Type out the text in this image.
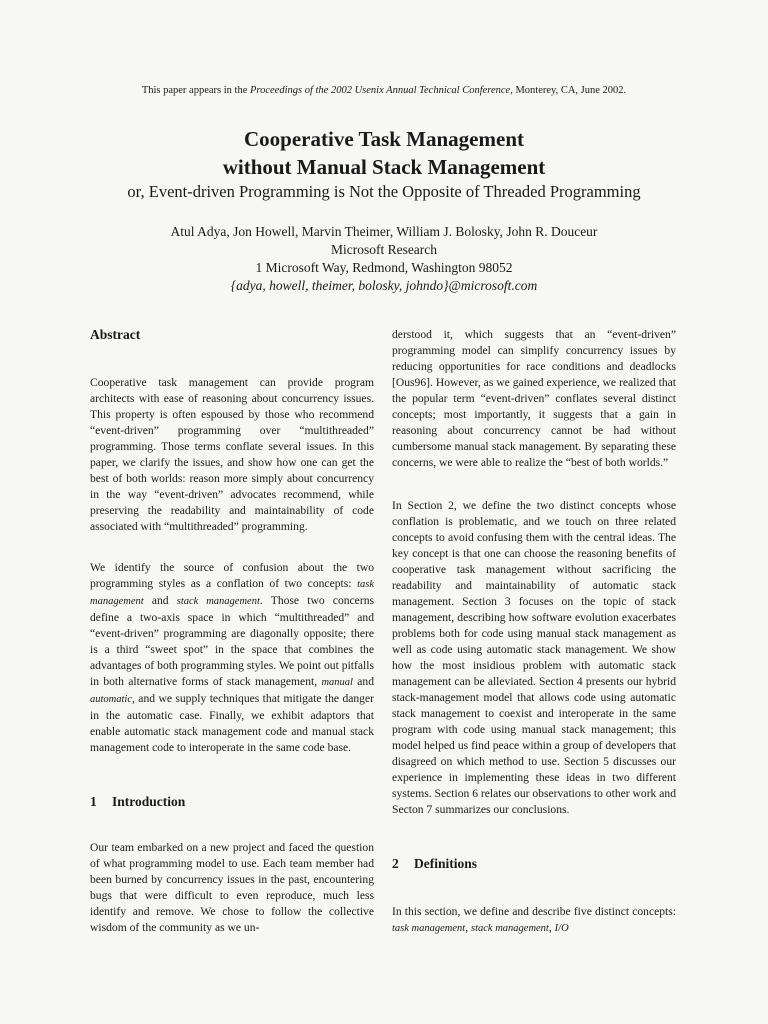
This paper appears in the Proceedings of the 2002 Usenix Annual Technical Conference, Monterey, CA, June 2002.
Cooperative Task Management
without Manual Stack Management
or, Event-driven Programming is Not the Opposite of Threaded Programming
Atul Adya, Jon Howell, Marvin Theimer, William J. Bolosky, John R. Douceur
Microsoft Research
1 Microsoft Way, Redmond, Washington 98052
{adya, howell, theimer, bolosky, johndo}@microsoft.com
Abstract

Cooperative task management can provide program architects with ease of reasoning about concurrency issues. This property is often espoused by those who recommend “event-driven” programming over “multithreaded” programming. Those terms conflate several issues. In this paper, we clarify the issues, and show how one can get the best of both worlds: reason more simply about concurrency in the way “event-driven” advocates recommend, while preserving the readability and maintainability of code associated with “multithreaded” programming.

We identify the source of confusion about the two programming styles as a conflation of two concepts: task management and stack management. Those two concerns define a two-axis space in which “multithreaded” and “event-driven” programming are diagonally opposite; there is a third “sweet spot” in the space that combines the advantages of both programming styles. We point out pitfalls in both alternative forms of stack management, manual and automatic, and we supply techniques that mitigate the danger in the automatic case. Finally, we exhibit adaptors that enable automatic stack management code and manual stack management code to interoperate in the same code base.

1 Introduction

Our team embarked on a new project and faced the question of what programming model to use. Each team member had been burned by concurrency issues in the past, encountering bugs that were difficult to even reproduce, much less identify and remove. We chose to follow the collective wisdom of the community as we un-

derstood it, which suggests that an “event-driven” programming model can simplify concurrency issues by reducing opportunities for race conditions and deadlocks [Ous96]. However, as we gained experience, we realized that the popular term “event-driven” conflates several distinct concepts; most importantly, it suggests that a gain in reasoning about concurrency cannot be had without cumbersome manual stack management. By separating these concerns, we were able to realize the “best of both worlds.”

In Section 2, we define the two distinct concepts whose conflation is problematic, and we touch on three related concepts to avoid confusing them with the central ideas. The key concept is that one can choose the reasoning benefits of cooperative task management without sacrificing the readability and maintainability of automatic stack management. Section 3 focuses on the topic of stack management, describing how software evolution exacerbates problems both for code using manual stack management as well as code using automatic stack management. We show how the most insidious problem with automatic stack management can be alleviated. Section 4 presents our hybrid stack-management model that allows code using automatic stack management to coexist and interoperate in the same program with code using manual stack management; this model helped us find peace within a group of developers that disagreed on which method to use. Section 5 discusses our experience in implementing these ideas in two different systems. Section 6 relates our observations to other work and Secton 7 summarizes our conclusions.

2 Definitions

In this section, we define and describe five distinct concepts: task management, stack management, I/O
